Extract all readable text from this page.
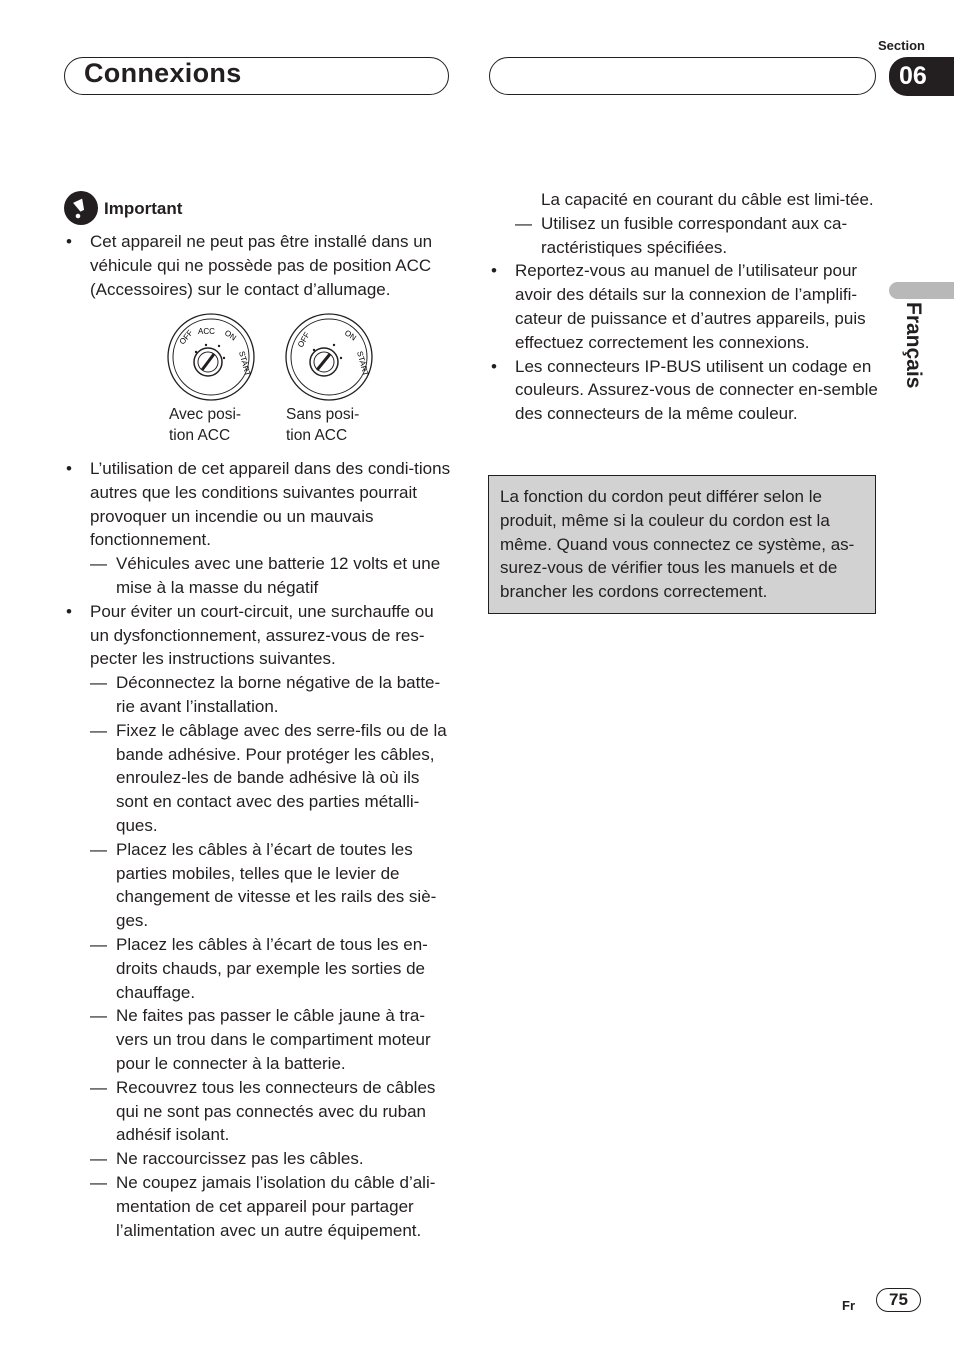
Connexions
Section
06
Français
Important
• Cet appareil ne peut pas être installé dans un véhicule qui ne possède pas de position ACC (Accessoires) sur le contact d’allumage.
OFF ACC ON
START
OFF	ON
START
Avec posi-
tion ACC
Sans posi-
tion ACC
• L’utilisation de cet appareil dans des condi-tions autres que les conditions suivantes pourrait provoquer un incendie ou un mauvais fonctionnement.
— Véhicules avec une batterie 12 volts et une mise à la masse du négatif
• Pour éviter un court-circuit, une surchauffe ou un dysfonctionnement, assurez-vous de res-pecter les instructions suivantes.
— Déconnectez la borne négative de la batte-rie avant l’installation.
— Fixez le câblage avec des serre-fils ou de la bande adhésive. Pour protéger les câbles, enroulez-les de bande adhésive là où ils sont en contact avec des parties métalli-ques.
— Placez les câbles à l’écart de toutes les parties mobiles, telles que le levier de changement de vitesse et les rails des siè-ges.
— Placez les câbles à l’écart de tous les en-droits chauds, par exemple les sorties de chauffage.
— Ne faites pas passer le câble jaune à tra-vers un trou dans le compartiment moteur pour le connecter à la batterie.
— Recouvrez tous les connecteurs de câbles qui ne sont pas connectés avec du ruban adhésif isolant.
— Ne raccourcissez pas les câbles.
— Ne coupez jamais l’isolation du câble d’ali-mentation de cet appareil pour partager l’alimentation avec un autre équipement.
La capacité en courant du câble est limi-tée.
— Utilisez un fusible correspondant aux ca-ractéristiques spécifiées.
• Reportez-vous au manuel de l’utilisateur pour avoir des détails sur la connexion de l’amplifi-cateur de puissance et d’autres appareils, puis effectuez correctement les connexions.
• Les connecteurs IP-BUS utilisent un codage en couleurs. Assurez-vous de connecter en-semble des connecteurs de la même couleur.
La fonction du cordon peut différer selon le produit, même si la couleur du cordon est la même. Quand vous connectez ce système, as-surez-vous de vérifier tous les manuels et de brancher les cordons correctement.
Fr	75
